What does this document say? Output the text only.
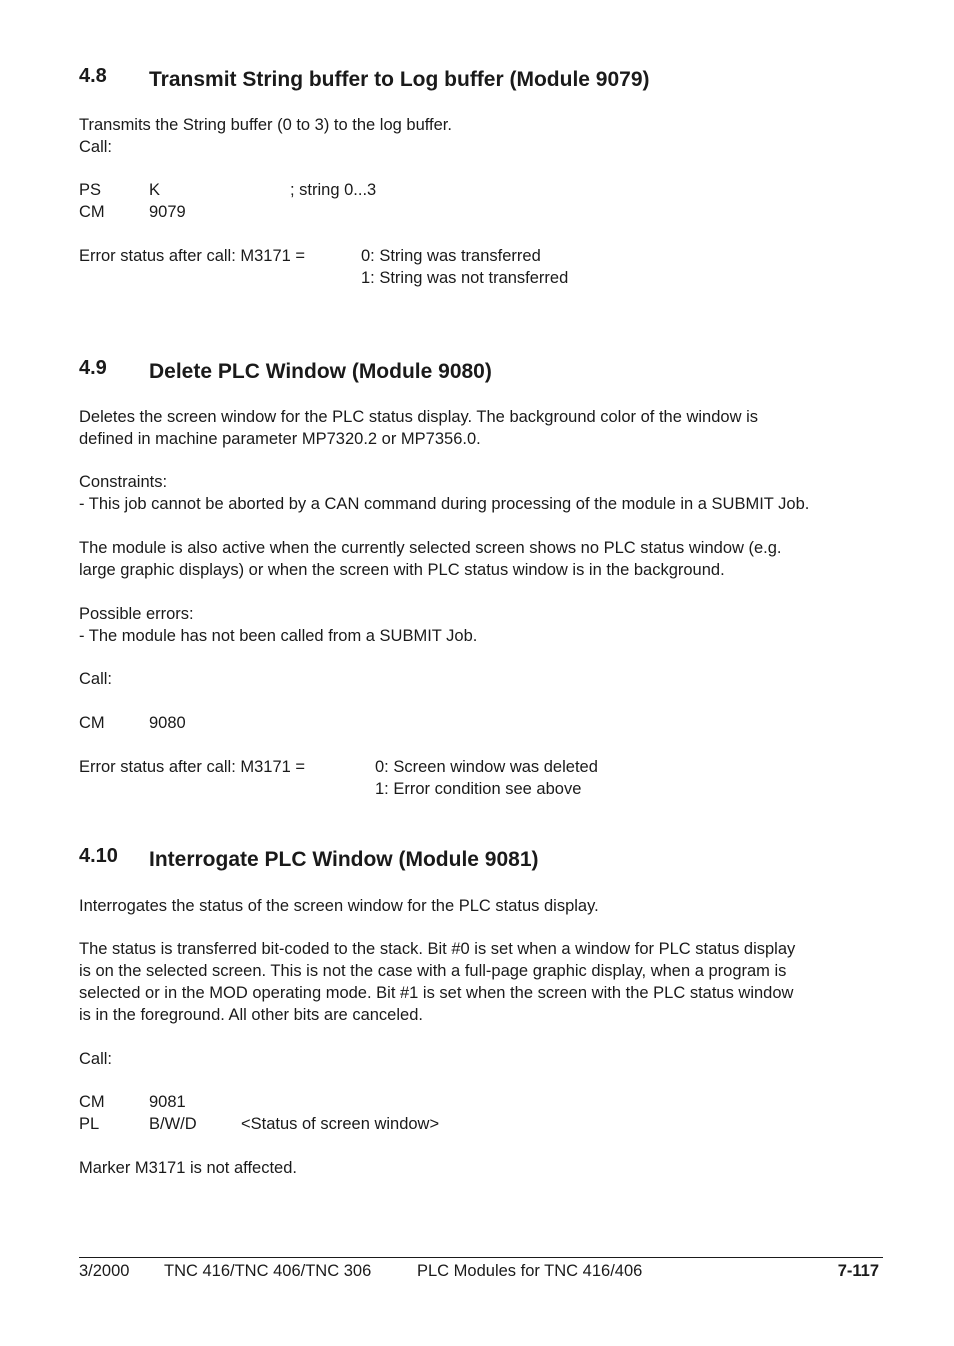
4.8 Transmit String buffer to Log buffer (Module 9079)
Transmits the String buffer (0 to 3) to the log buffer.
Call:
PS	K	; string 0...3
CM	9079
Error status after call: M3171 =	0: String was transferred
1: String was not transferred
4.9 Delete PLC Window (Module 9080)
Deletes the screen window for the PLC status display. The background color of the window is
defined in machine parameter MP7320.2 or MP7356.0.
Constraints:
- This job cannot be aborted by a CAN command during processing of the module in a SUBMIT Job.
The module is also active when the currently selected screen shows no PLC status window (e.g.
large graphic displays) or when the screen with PLC status window is in the background.
Possible errors:
- The module has not been called from a SUBMIT Job.
Call:
CM	9080
Error status after call: M3171 =	0: Screen window was deleted
1: Error condition see above
4.10 Interrogate PLC Window (Module 9081)
Interrogates the status of the screen window for the PLC status display.
The status is transferred bit-coded to the stack. Bit #0 is set when a window for PLC status display
is on the selected screen. This is not the case with a full-page graphic display, when a program is
selected or in the MOD operating mode. Bit #1 is set when the screen with the PLC status window
is in the foreground. All other bits are canceled.
Call:
CM	9081
PL	B/W/D	<Status of screen window>
Marker M3171 is not affected.
3/2000 TNC 416/TNC 406/TNC 306	PLC Modules for TNC 416/406	7-117
